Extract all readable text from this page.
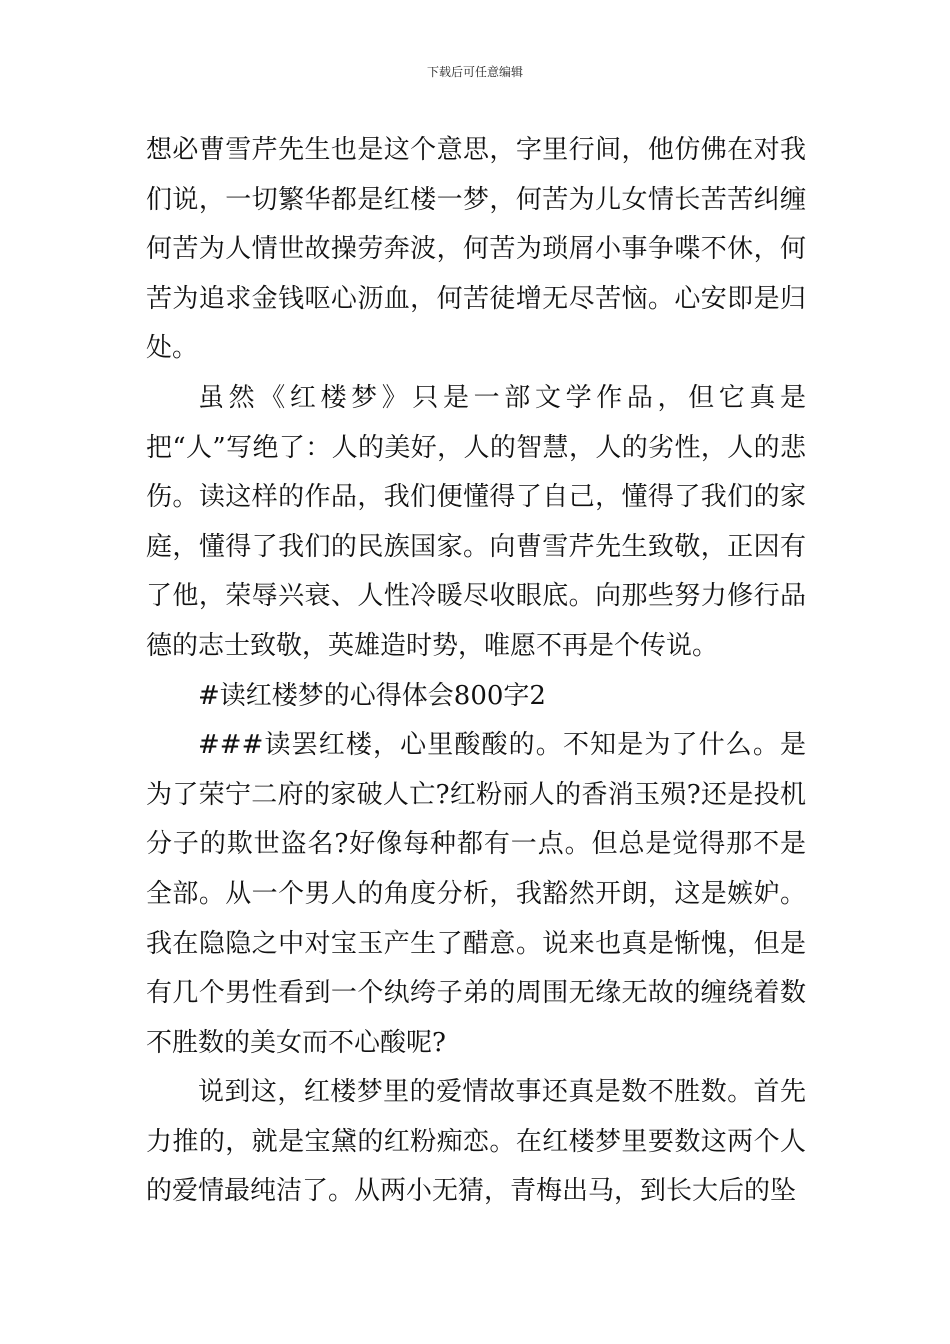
下载后可任意编辑

想必曹雪芹先生也是这个意思，字里行间，他仿佛在对我们说，一切繁华都是红楼一梦，何苦为儿女情长苦苦纠缠何苦为人情世故操劳奔波，何苦为琐屑小事争喋不休，何苦为追求金钱呕心沥血，何苦徒增无尽苦恼。心安即是归处。

虽然《红楼梦》只是一部文学作品，但它真是把“人”写绝了：人的美好，人的智慧，人的劣性，人的悲伤。读这样的作品，我们便懂得了自己，懂得了我们的家庭，懂得了我们的民族国家。向曹雪芹先生致敬，正因有了他，荣辱兴衰、人性冷暖尽收眼底。向那些努力修行品德的志士致敬，英雄造时势，唯愿不再是个传说。

#读红楼梦的心得体会800字2

###读罢红楼，心里酸酸的。不知是为了什么。是为了荣宁二府的家破人亡?红粉丽人的香消玉殒?还是投机分子的欺世盗名?好像每种都有一点。但总是觉得那不是全部。从一个男人的角度分析，我豁然开朗，这是嫉妒。我在隐隐之中对宝玉产生了醋意。说来也真是惭愧，但是有几个男性看到一个纨绔子弟的周围无缘无故的缠绕着数不胜数的美女而不心酸呢?

说到这，红楼梦里的爱情故事还真是数不胜数。首先力推的，就是宝黛的红粉痴恋。在红楼梦里要数这两个人的爱情最纯洁了。从两小无猜，青梅出马，到长大后的坠
